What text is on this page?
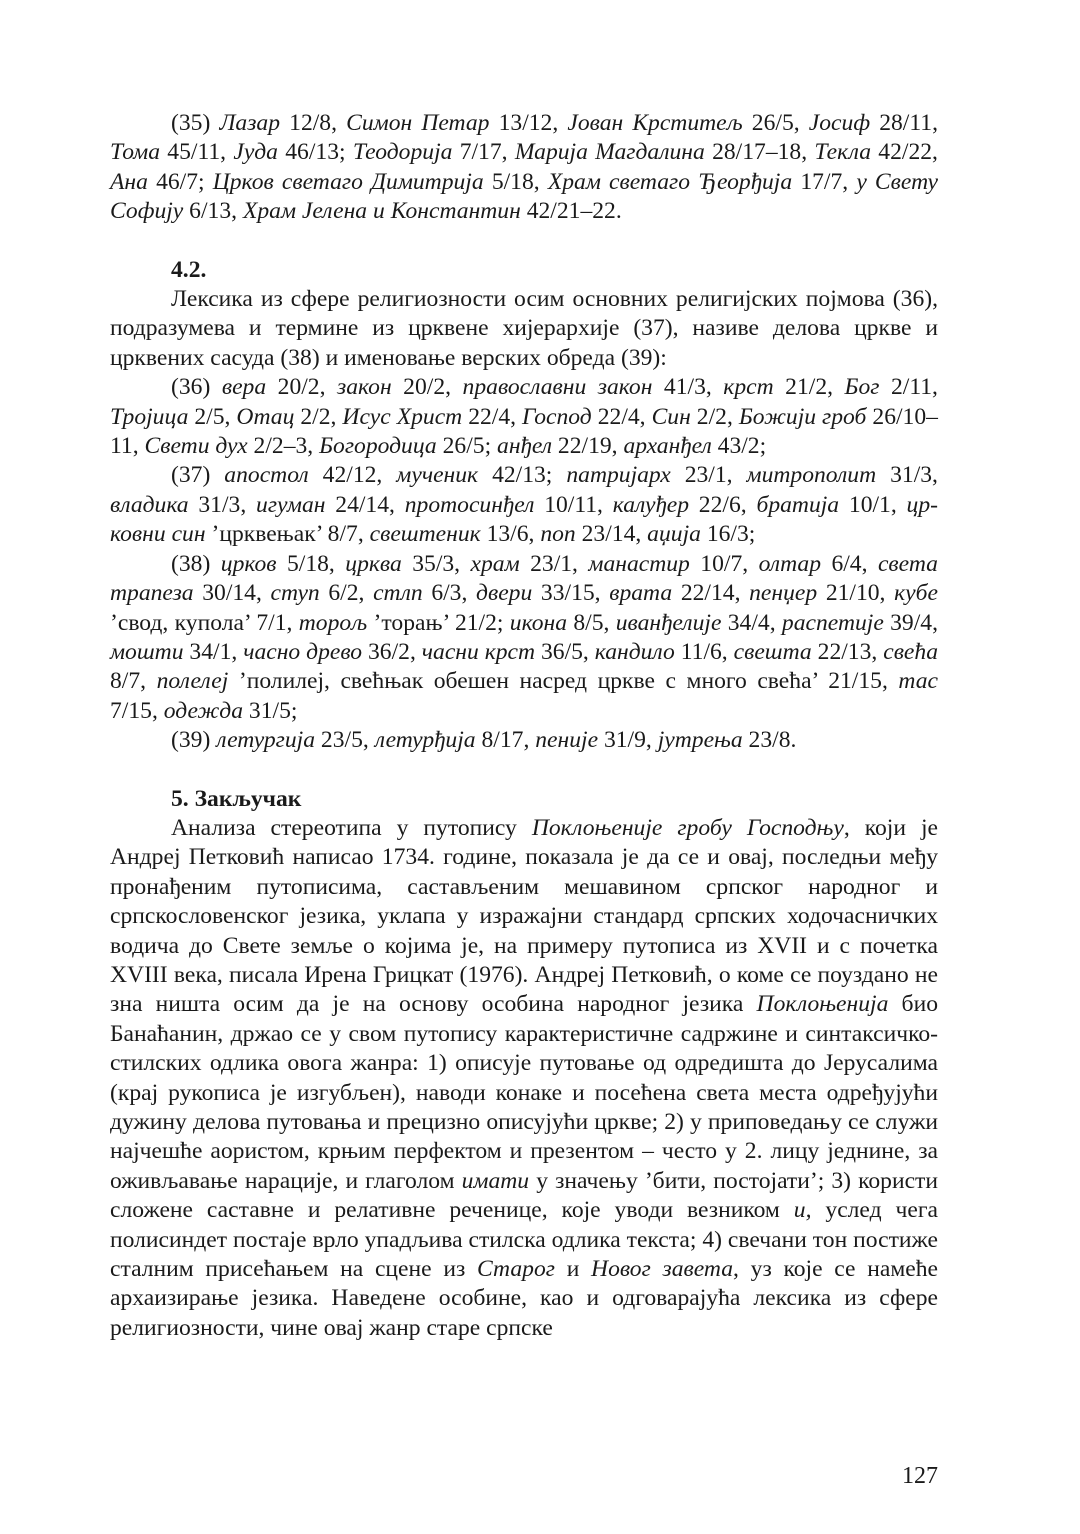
(35) Лазар 12/8, Симон Петар 13/12, Јован Крститељ 26/5, Јосиф 28/11, Тома 45/11, Јуда 46/13; Теодорија 7/17, Марија Магдалина 28/17–18, Текла 42/22, Ана 46/7; Црков светаго Димитрија 5/18, Храм светаго Ђеорђија 17/7, у Свету Софију 6/13, Храм Јелена и Константин 42/21–22.

4.2.

Лексика из сфере религиозности осим основних религијских појмова (36), подразумева и термине из црквене хијерархије (37), називе делова цркве и црквених сасуда (38) и именовање верских обреда (39):

(36) вера 20/2, закон 20/2, православни закон 41/3, крст 21/2, Бог 2/11, Тројица 2/5, Отац 2/2, Исус Христ 22/4, Господ 22/4, Син 2/2, Божији гроб 26/10–11, Свети дух 2/2–3, Богородица 26/5; анђел 22/19, арханђел 43/2;

(37) апостол 42/12, мученик 42/13; патријарх 23/1, митрополит 31/3, владика 31/3, игуман 24/14, протосинђел 10/11, калуђер 22/6, братија 10/1, црковни син ’црквењак’ 8/7, свештеник 13/6, поп 23/14, аџија 16/3;

(38) црков 5/18, црква 35/3, храм 23/1, манастир 10/7, олтар 6/4, света трапеза 30/14, ступ 6/2, стлп 6/3, двери 33/15, врата 22/14, пенџер 21/10, кубе ’свод, купола’ 7/1, торољ ’торањ’ 21/2; икона 8/5, иванђелије 34/4, распетије 39/4, мошти 34/1, часно древо 36/2, часни крст 36/5, кандило 11/6, свешта 22/13, свећа 8/7, полелеј ’полилеј, свећњак обешен насред цркве с много свећа’ 21/15, тас 7/15, одежда 31/5;

(39) летургија 23/5, летурђија 8/17, пеније 31/9, јутрења 23/8.

5. Закључак

Анализа стереотипа у путопису Поклоњеније гробу Господњу, који је Андреј Петковић написао 1734. године, показала је да се и овај, последњи међу пронађеним путописима, састављеним мешавином српског народног и српскословенског језика, уклапа у изражајни стандард српских ходочасничких водича до Свете земље о којима је, на примеру путописа из XVII и с почетка XVIII века, писала Ирена Грицкат (1976). Андреј Петковић, о коме се поуздано не зна ништа осим да је на основу особина народног језика Поклоњенија био Банаћанин, држао се у свом путопису карактеристичне садржине и синтаксичко-стилских одлика овога жанра: 1) описује путовање од одредишта до Јерусалима (крај рукописа је изгубљен), наводи конаке и посећена света места одређујући дужину делова путовања и прецизно описујући цркве; 2) у приповедању се служи најчешће аористом, крњим перфектом и презентом – често у 2. лицу једнине, за оживљавање нарације, и глаголом имати у значењу ’бити, постојати’; 3) користи сложене саставне и релативне реченице, које уводи везником и, услед чега полисиндет постаје врло упадљива стилска одлика текста; 4) свечани тон постиже сталним присећањем на сцене из Старог и Новог завета, уз које се намеће архаизирање језика. Наведене особине, као и одговарајућа лексика из сфере религиозности, чине овај жанр старе српске

127
